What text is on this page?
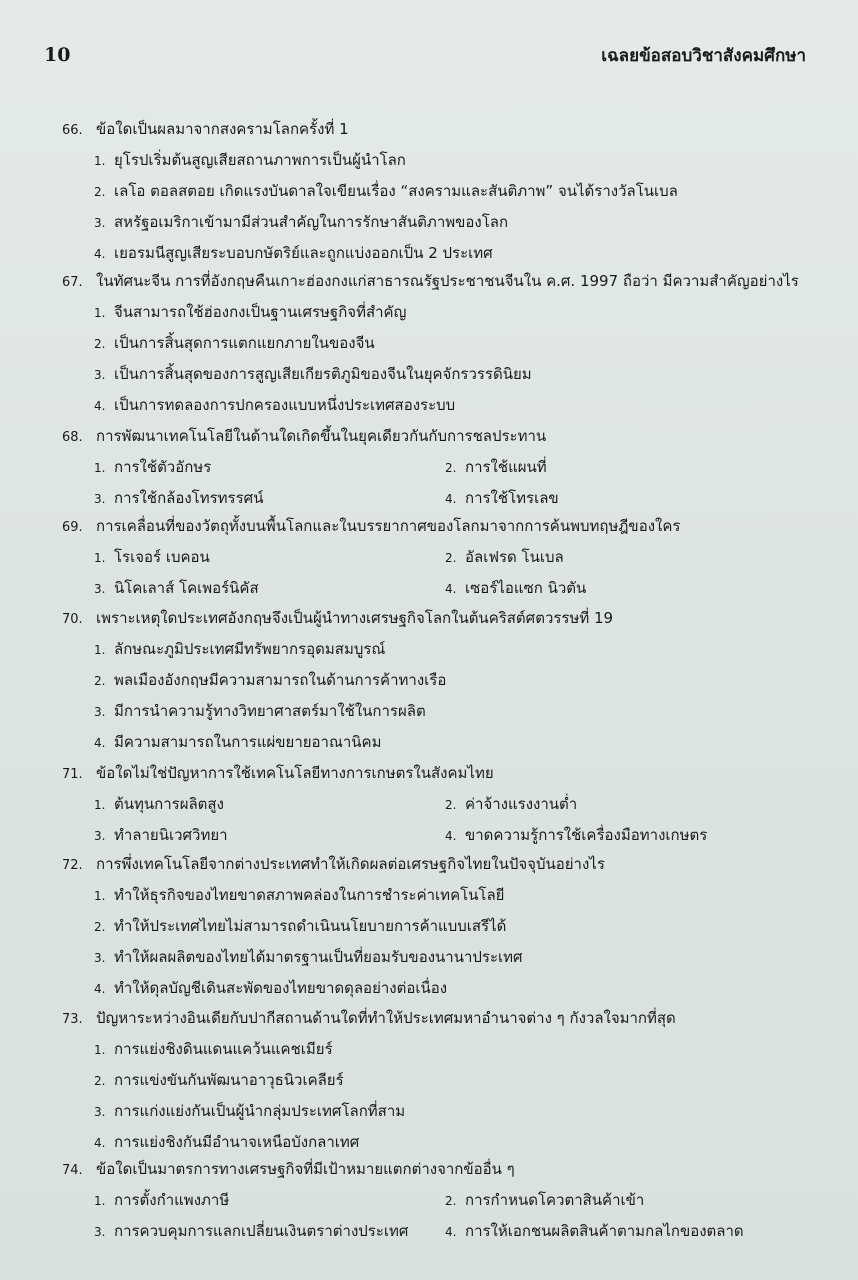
10	เฉลยข้อสอบวิชาสังคมศึกษา
66. ข้อใดเป็นผลมาจากสงครามโลกครั้งที่ 1
1. ยุโรปเริ่มต้นสูญเสียสถานภาพการเป็นผู้นำโลก
2. เลโอ ตอลสตอย เกิดแรงบันดาลใจเขียนเรื่อง “สงครามและสันติภาพ” จนได้รางวัลโนเบล
3. สหรัฐอเมริกาเข้ามามีส่วนสำคัญในการรักษาสันติภาพของโลก
4. เยอรมนีสูญเสียระบอบกษัตริย์และถูกแบ่งออกเป็น 2 ประเทศ
67. ในทัศนะจีน การที่อังกฤษคืนเกาะฮ่องกงแก่สาธารณรัฐประชาชนจีนใน ค.ศ. 1997 ถือว่า มีความสำคัญอย่างไร
1. จีนสามารถใช้ฮ่องกงเป็นฐานเศรษฐกิจที่สำคัญ
2. เป็นการสิ้นสุดการแตกแยกภายในของจีน
3. เป็นการสิ้นสุดของการสูญเสียเกียรติภูมิของจีนในยุคจักรวรรดินิยม
4. เป็นการทดลองการปกครองแบบหนึ่งประเทศสองระบบ
68. การพัฒนาเทคโนโลยีในด้านใดเกิดขึ้นในยุคเดียวกันกับการชลประทาน
1. การใช้ตัวอักษร	2. การใช้แผนที่
3. การใช้กล้องโทรทรรศน์	4. การใช้โทรเลข
69. การเคลื่อนที่ของวัตถุทั้งบนพื้นโลกและในบรรยากาศของโลกมาจากการค้นพบทฤษฎีของใคร
1. โรเจอร์ เบคอน	2. อัลเฟรด โนเบล
3. นิโคเลาส์ โคเพอร์นิคัส	4. เซอร์ไอแซก นิวตัน
70. เพราะเหตุใดประเทศอังกฤษจึงเป็นผู้นำทางเศรษฐกิจโลกในต้นคริสต์ศตวรรษที่ 19
1. ลักษณะภูมิประเทศมีทรัพยากรอุดมสมบูรณ์
2. พลเมืองอังกฤษมีความสามารถในด้านการค้าทางเรือ
3. มีการนำความรู้ทางวิทยาศาสตร์มาใช้ในการผลิต
4. มีความสามารถในการแผ่ขยายอาณานิคม
71. ข้อใดไม่ใช่ปัญหาการใช้เทคโนโลยีทางการเกษตรในสังคมไทย
1. ต้นทุนการผลิตสูง	2. ค่าจ้างแรงงานต่ำ
3. ทำลายนิเวศวิทยา	4. ขาดความรู้การใช้เครื่องมือทางเกษตร
72. การพึ่งเทคโนโลยีจากต่างประเทศทำให้เกิดผลต่อเศรษฐกิจไทยในปัจจุบันอย่างไร
1. ทำให้ธุรกิจของไทยขาดสภาพคล่องในการชำระค่าเทคโนโลยี
2. ทำให้ประเทศไทยไม่สามารถดำเนินนโยบายการค้าแบบเสรีได้
3. ทำให้ผลผลิตของไทยได้มาตรฐานเป็นที่ยอมรับของนานาประเทศ
4. ทำให้ดุลบัญชีเดินสะพัดของไทยขาดดุลอย่างต่อเนื่อง
73. ปัญหาระหว่างอินเดียกับปากีสถานด้านใดที่ทำให้ประเทศมหาอำนาจต่าง ๆ กังวลใจมากที่สุด
1. การแย่งชิงดินแดนแคว้นแคชเมียร์
2. การแข่งขันกันพัฒนาอาวุธนิวเคลียร์
3. การแก่งแย่งกันเป็นผู้นำกลุ่มประเทศโลกที่สาม
4. การแย่งชิงกันมีอำนาจเหนือบังกลาเทศ
74. ข้อใดเป็นมาตรการทางเศรษฐกิจที่มีเป้าหมายแตกต่างจากข้ออื่น ๆ
1. การตั้งกำแพงภาษี	2. การกำหนดโควตาสินค้าเข้า
3. การควบคุมการแลกเปลี่ยนเงินตราต่างประเทศ	4. การให้เอกชนผลิตสินค้าตามกลไกของตลาด
